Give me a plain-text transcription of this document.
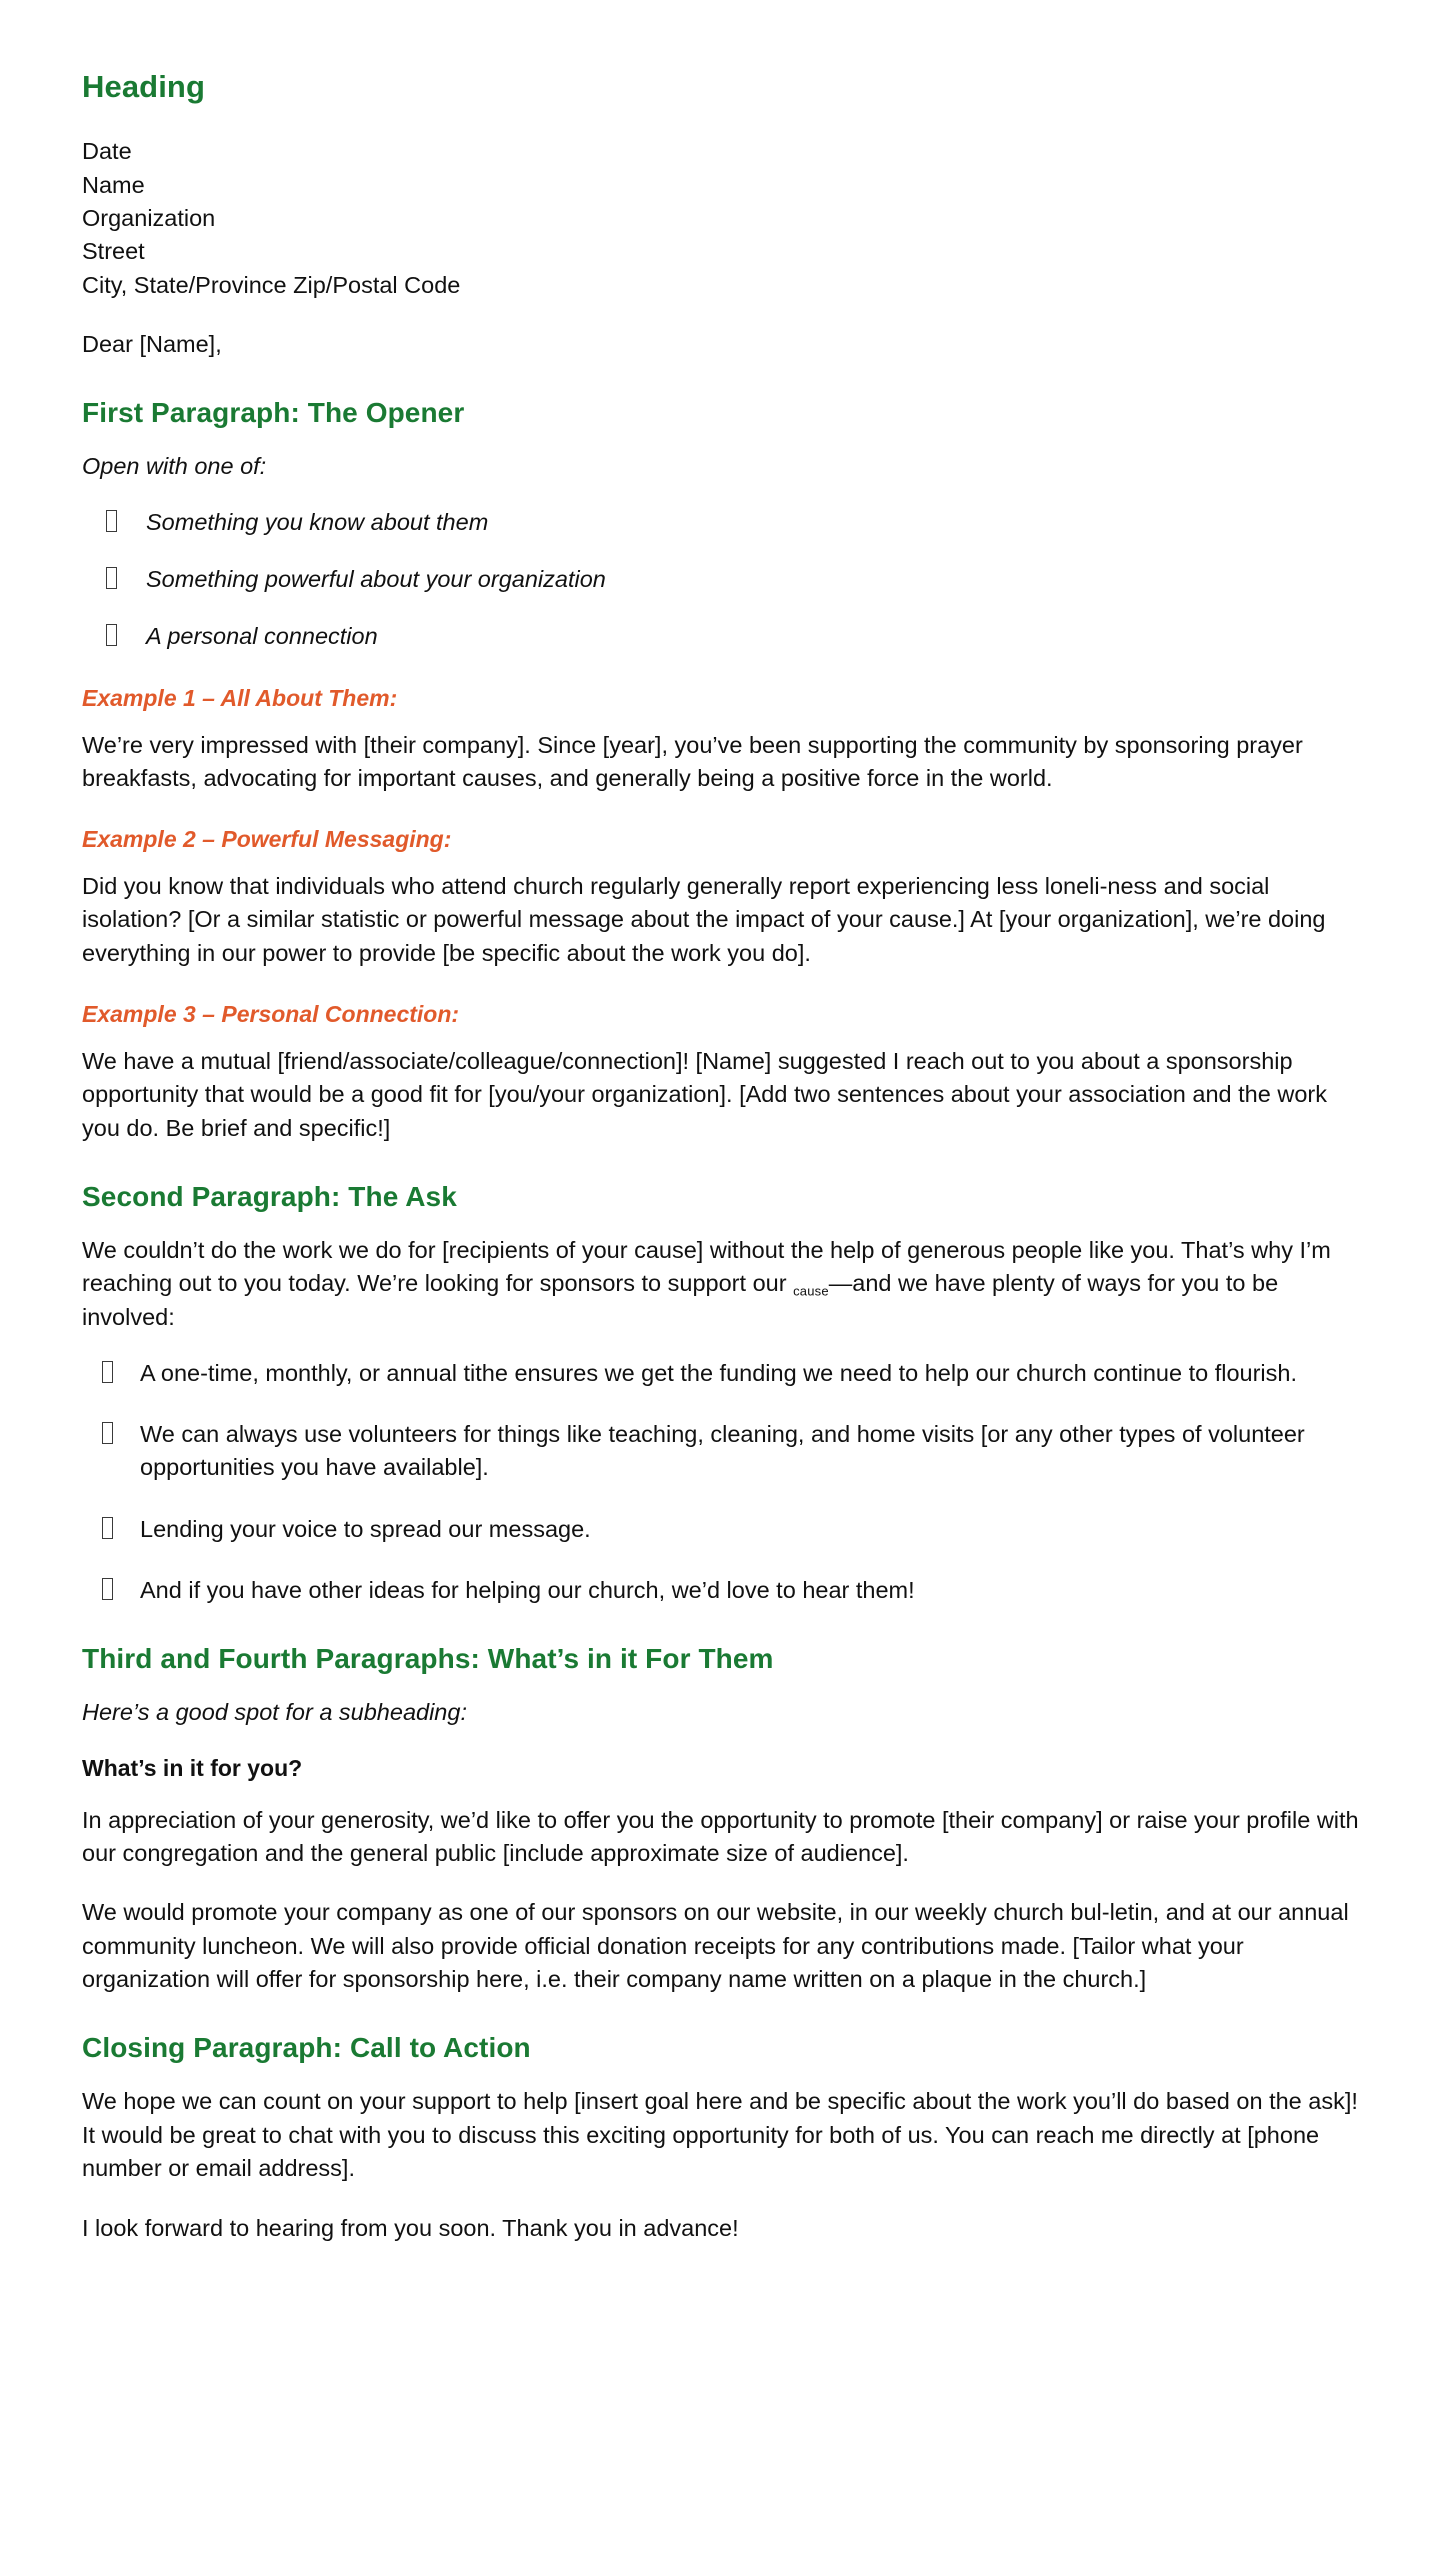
Heading
Date
Name
Organization
Street
City, State/Province Zip/Postal Code

Dear [Name],

First Paragraph: The Opener

Open with one of:

Something you know about them
Something powerful about your organization
A personal connection
Example 1 – All About Them:

We’re very impressed with [their company]. Since [year], you’ve been supporting the community by sponsoring prayer breakfasts, advocating for important causes, and generally being a positive force in the world.

Example 2 – Powerful Messaging:

Did you know that individuals who attend church regularly generally report experiencing less loneli-ness and social isolation? [Or a similar statistic or powerful message about the impact of your cause.] At [your organization], we’re doing everything in our power to provide [be specific about the work you do].

Example 3 – Personal Connection:

We have a mutual [friend/associate/colleague/connection]! [Name] suggested I reach out to you about a sponsorship opportunity that would be a good fit for [you/your organization]. [Add two sentences about your association and the work you do. Be brief and specific!]

Second Paragraph: The Ask

We couldn’t do the work we do for [recipients of your cause] without the help of generous people like you. That’s why I’m reaching out to you today. We’re looking for sponsors to support our cause—and we have plenty of ways for you to be involved:

A one-time, monthly, or annual tithe ensures we get the funding we need to help our church continue to flourish.
We can always use volunteers for things like teaching, cleaning, and home visits [or any other types of volunteer opportunities you have available].
Lending your voice to spread our message.
And if you have other ideas for helping our church, we’d love to hear them!
Third and Fourth Paragraphs: What’s in it For Them

Here’s a good spot for a subheading:

What’s in it for you?

In appreciation of your generosity, we’d like to offer you the opportunity to promote [their company] or raise your profile with our congregation and the general public [include approximate size of audience].

We would promote your company as one of our sponsors on our website, in our weekly church bul-letin, and at our annual community luncheon. We will also provide official donation receipts for any contributions made. [Tailor what your organization will offer for sponsorship here, i.e. their company name written on a plaque in the church.]

Closing Paragraph: Call to Action

We hope we can count on your support to help [insert goal here and be specific about the work you’ll do based on the ask]! It would be great to chat with you to discuss this exciting opportunity for both of us. You can reach me directly at [phone number or email address].

I look forward to hearing from you soon. Thank you in advance!
